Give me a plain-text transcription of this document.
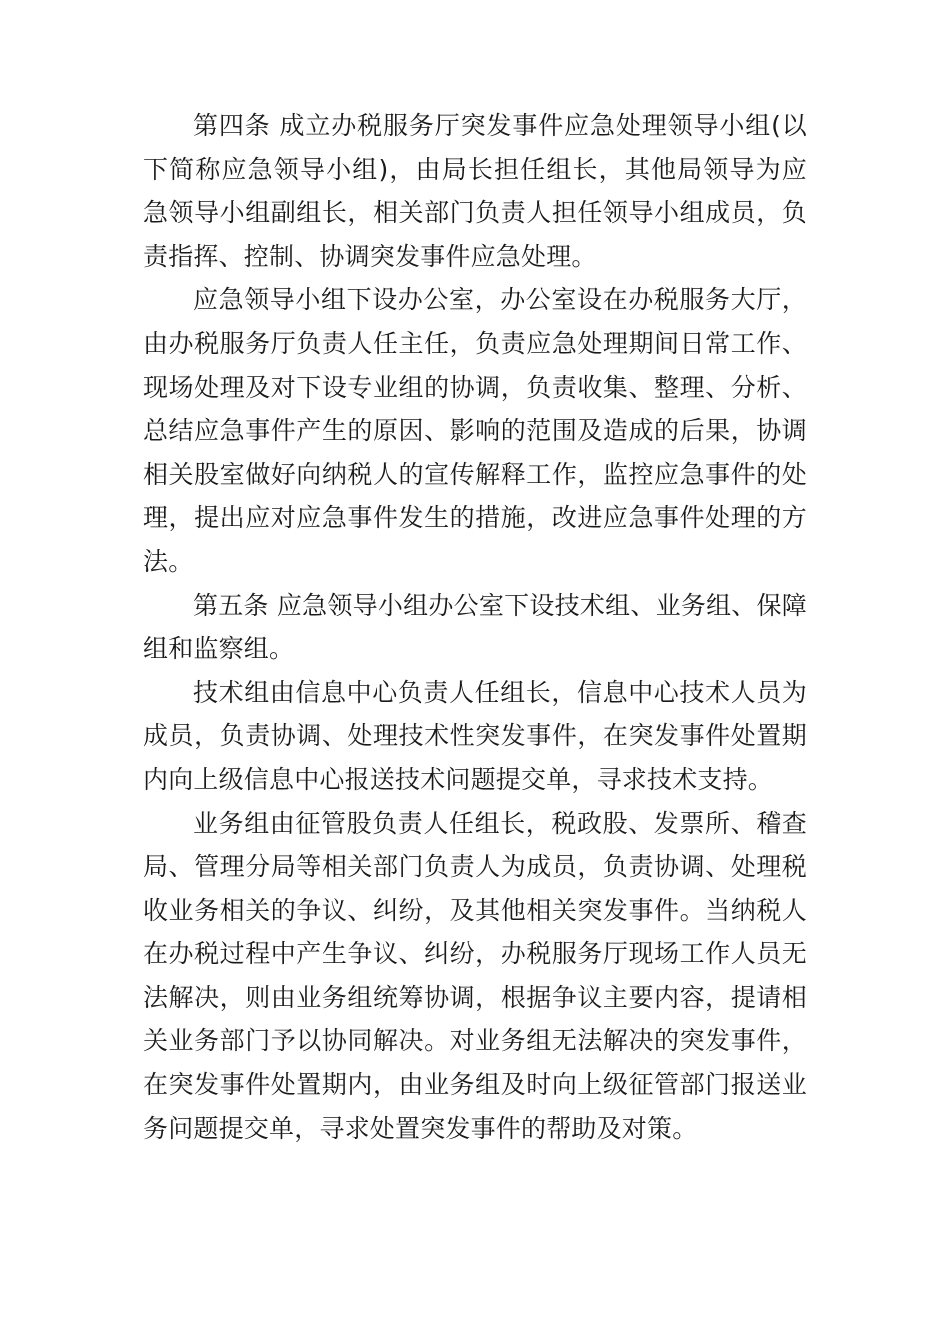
第四条 成立办税服务厅突发事件应急处理领导小组(以下简称应急领导小组)，由局长担任组长，其他局领导为应急领导小组副组长，相关部门负责人担任领导小组成员，负责指挥、控制、协调突发事件应急处理。

应急领导小组下设办公室，办公室设在办税服务大厅，由办税服务厅负责人任主任，负责应急处理期间日常工作、现场处理及对下设专业组的协调，负责收集、整理、分析、总结应急事件产生的原因、影响的范围及造成的后果，协调相关股室做好向纳税人的宣传解释工作，监控应急事件的处理，提出应对应急事件发生的措施，改进应急事件处理的方法。

第五条 应急领导小组办公室下设技术组、业务组、保障组和监察组。

技术组由信息中心负责人任组长，信息中心技术人员为成员，负责协调、处理技术性突发事件，在突发事件处置期内向上级信息中心报送技术问题提交单，寻求技术支持。

业务组由征管股负责人任组长，税政股、发票所、稽查局、管理分局等相关部门负责人为成员，负责协调、处理税收业务相关的争议、纠纷，及其他相关突发事件。当纳税人在办税过程中产生争议、纠纷，办税服务厅现场工作人员无法解决，则由业务组统筹协调，根据争议主要内容，提请相关业务部门予以协同解决。对业务组无法解决的突发事件，在突发事件处置期内，由业务组及时向上级征管部门报送业务问题提交单，寻求处置突发事件的帮助及对策。
